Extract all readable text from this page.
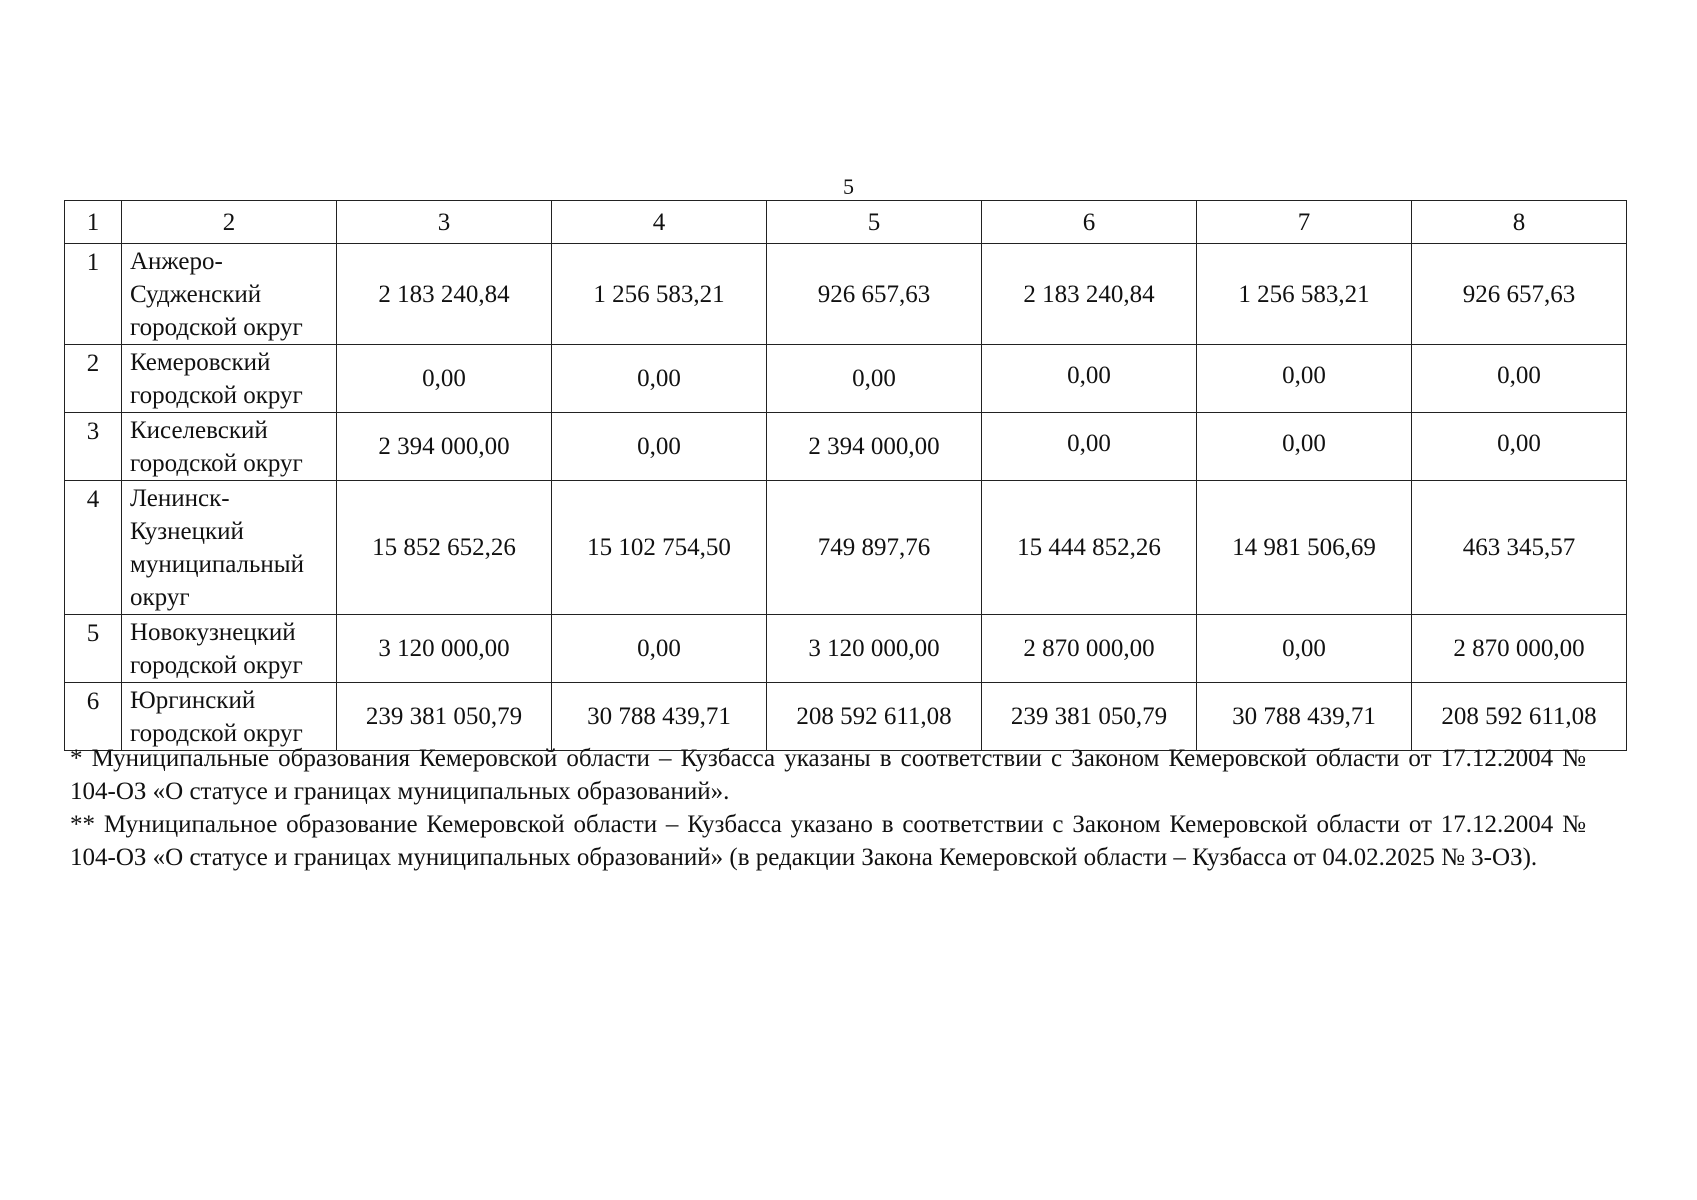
5
1	2	3	4	5	6	7	8
1	Анжеро-Судженский городской округ	2 183 240,84	1 256 583,21	926 657,63	2 183 240,84	1 256 583,21	926 657,63
2	Кемеровский городской округ	0,00	0,00	0,00	0,00	0,00	0,00
3	Киселевский городской округ	2 394 000,00	0,00	2 394 000,00	0,00	0,00	0,00
4	Ленинск-Кузнецкий муниципальный округ	15 852 652,26	15 102 754,50	749 897,76	15 444 852,26	14 981 506,69	463 345,57
5	Новокузнецкий городской округ	3 120 000,00	0,00	3 120 000,00	2 870 000,00	0,00	2 870 000,00
6	Юргинский городской округ	239 381 050,79	30 788 439,71	208 592 611,08	239 381 050,79	30 788 439,71	208 592 611,08

* Муниципальные образования Кемеровской области – Кузбасса указаны в соответствии с Законом Кемеровской области от 17.12.2004 № 104-ОЗ «О статусе и границах муниципальных образований».

** Муниципальное образование Кемеровской области – Кузбасса указано в соответствии с Законом Кемеровской области от 17.12.2004 № 104-ОЗ «О статусе и границах муниципальных образований» (в редакции Закона Кемеровской области – Кузбасса от 04.02.2025 № 3-ОЗ).
